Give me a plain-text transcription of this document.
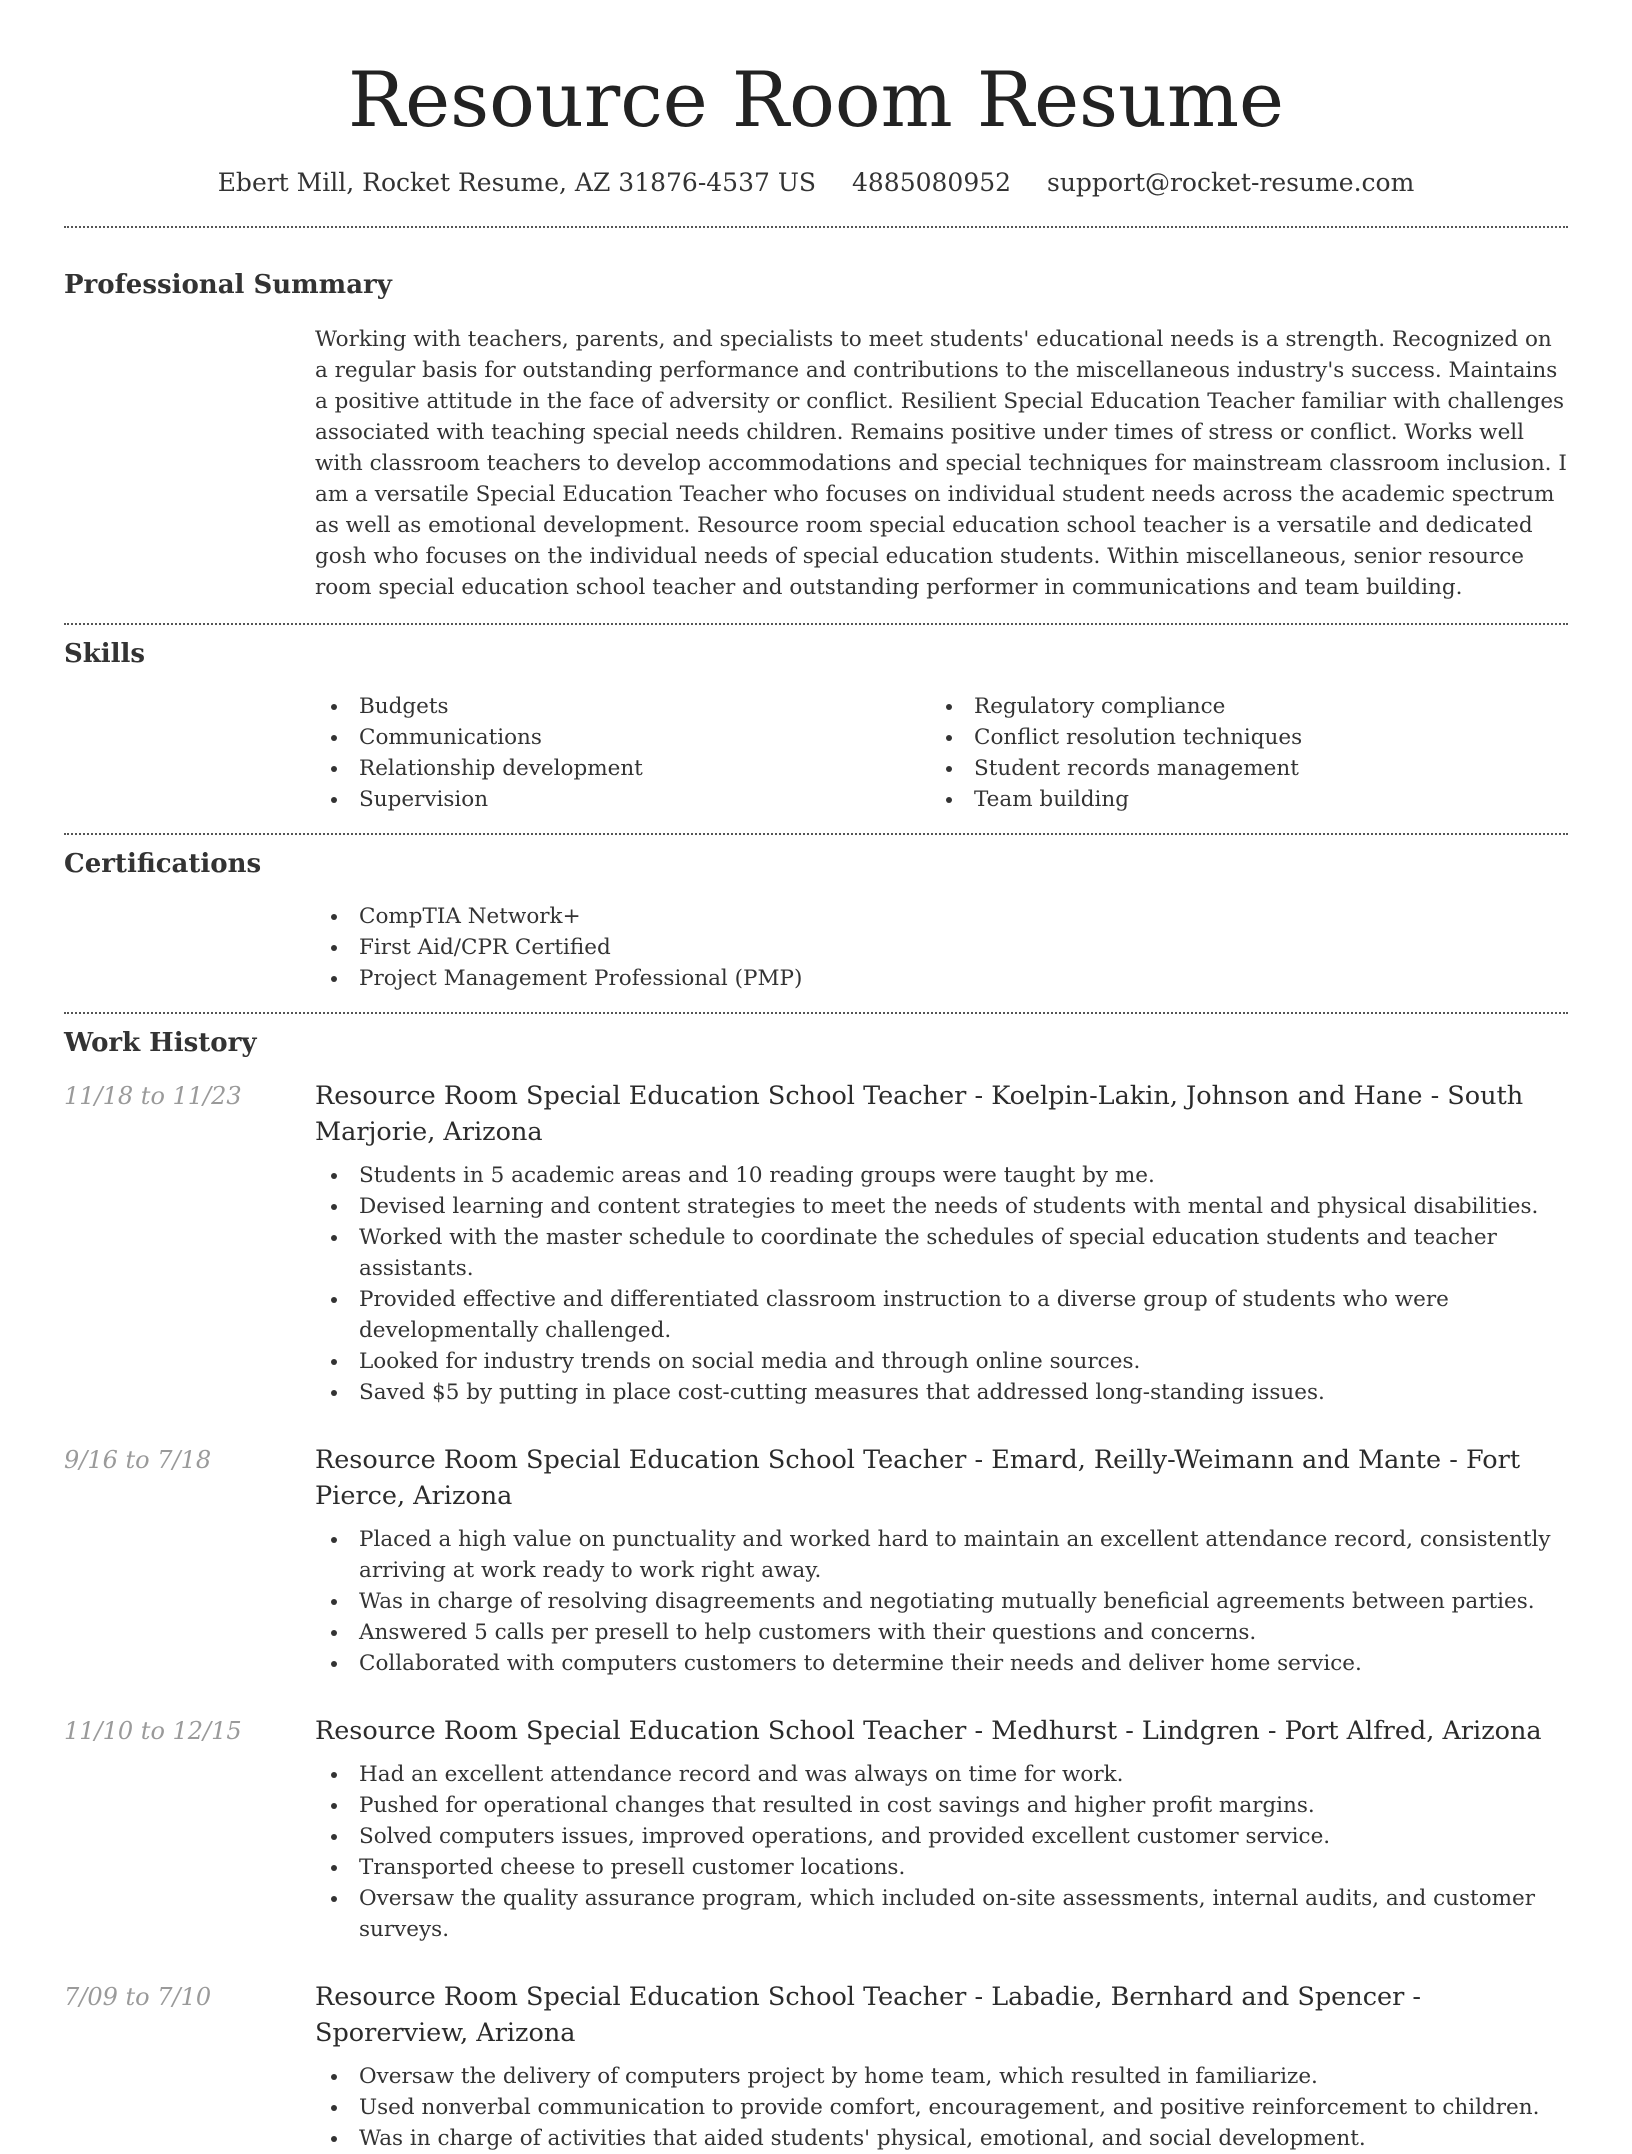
Resource Room Resume
Ebert Mill, Rocket Resume, AZ 31876-4537 US 4885080952 support@rocket-resume.com
Professional Summary

Working with teachers, parents, and specialists to meet students' educational needs is a strength. Recognized on a regular basis for outstanding performance and contributions to the miscellaneous industry's success. Maintains a positive attitude in the face of adversity or conflict. Resilient Special Education Teacher familiar with challenges associated with teaching special needs children. Remains positive under times of stress or conflict. Works well with classroom teachers to develop accommodations and special techniques for mainstream classroom inclusion. I am a versatile Special Education Teacher who focuses on individual student needs across the academic spectrum as well as emotional development. Resource room special education school teacher is a versatile and dedicated gosh who focuses on the individual needs of special education students. Within miscellaneous, senior resource room special education school teacher and outstanding performer in communications and team building.

Skills
Budgets
Communications
Relationship development
Supervision
Regulatory compliance
Conflict resolution techniques
Student records management
Team building
Certifications
CompTIA Network+
First Aid/CPR Certified
Project Management Professional (PMP)
Work History
11/18 to 11/23	Resource Room Special Education School Teacher - Koelpin-Lakin, Johnson and Hane - South Marjorie, Arizona
Students in 5 academic areas and 10 reading groups were taught by me.
Devised learning and content strategies to meet the needs of students with mental and physical disabilities.
Worked with the master schedule to coordinate the schedules of special education students and teacher assistants.
Provided effective and differentiated classroom instruction to a diverse group of students who were developmentally challenged.
Looked for industry trends on social media and through online sources.
Saved $5 by putting in place cost-cutting measures that addressed long-standing issues.
9/16 to 7/18	Resource Room Special Education School Teacher - Emard, Reilly-Weimann and Mante - Fort Pierce, Arizona
Placed a high value on punctuality and worked hard to maintain an excellent attendance record, consistently arriving at work ready to work right away.
Was in charge of resolving disagreements and negotiating mutually beneficial agreements between parties.
Answered 5 calls per presell to help customers with their questions and concerns.
Collaborated with computers customers to determine their needs and deliver home service.
11/10 to 12/15	Resource Room Special Education School Teacher - Medhurst - Lindgren - Port Alfred, Arizona
Had an excellent attendance record and was always on time for work.
Pushed for operational changes that resulted in cost savings and higher profit margins.
Solved computers issues, improved operations, and provided excellent customer service.
Transported cheese to presell customer locations.
Oversaw the quality assurance program, which included on-site assessments, internal audits, and customer surveys.
7/09 to 7/10	Resource Room Special Education School Teacher - Labadie, Bernhard and Spencer - Sporerview, Arizona
Oversaw the delivery of computers project by home team, which resulted in familiarize.
Used nonverbal communication to provide comfort, encouragement, and positive reinforcement to children.
Was in charge of activities that aided students' physical, emotional, and social development.
